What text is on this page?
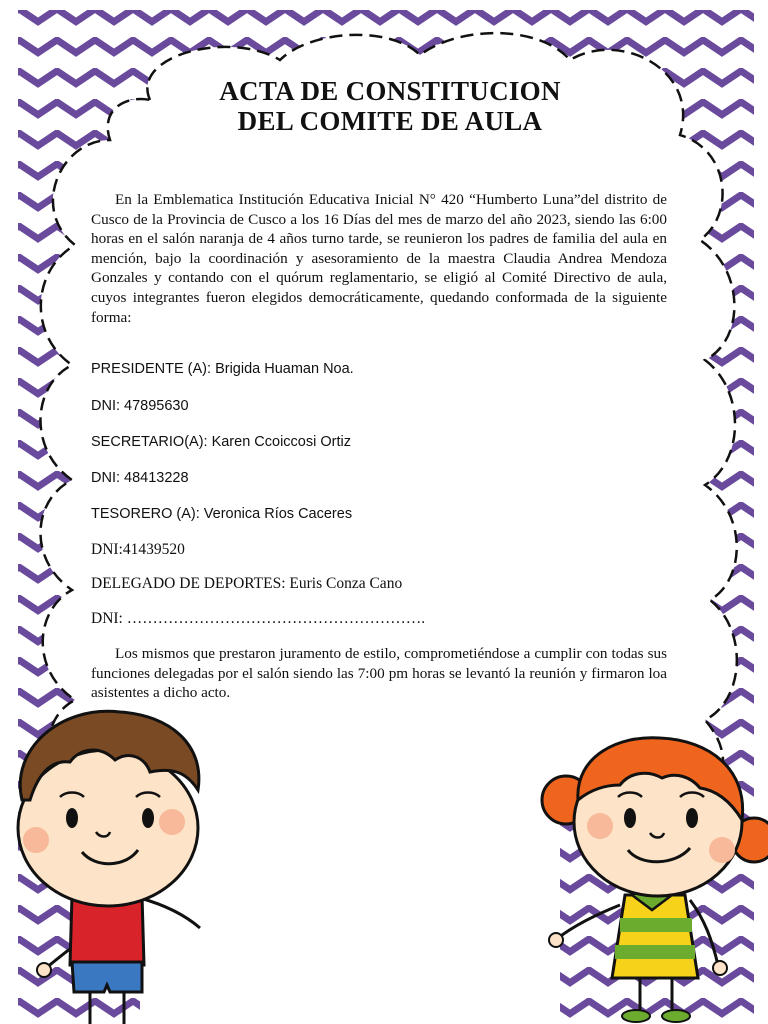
ACTA DE CONSTITUCION
DEL COMITE DE AULA

En la Emblematica Institución Educativa Inicial N° 420 “Humberto Luna”del distrito de Cusco de la Provincia de Cusco a los 16 Días del mes de marzo del año 2023, siendo las 6:00 horas en el salón naranja de 4 años turno tarde, se reunieron los padres de familia del aula en mención, bajo la coordinación y asesoramiento de la maestra Claudia Andrea Mendoza Gonzales y contando con el quórum reglamentario, se eligió al Comité Directivo de aula, cuyos integrantes fueron elegidos democráticamente, quedando conformada de la siguiente forma:

PRESIDENTE (A): Brigida Huaman Noa.
DNI: 47895630
SECRETARIO(A): Karen Ccoiccosi Ortiz
DNI: 48413228
TESORERO (A): Veronica Ríos Caceres
DNI:41439520
DELEGADO DE DEPORTES: Euris Conza Cano
DNI: ………………………………………………….

Los mismos que prestaron juramento de estilo, comprometiéndose a cumplir con todas sus funciones delegadas por el salón siendo las 7:00 pm horas se levantó la reunión y firmaron loa asistentes a dicho acto.
